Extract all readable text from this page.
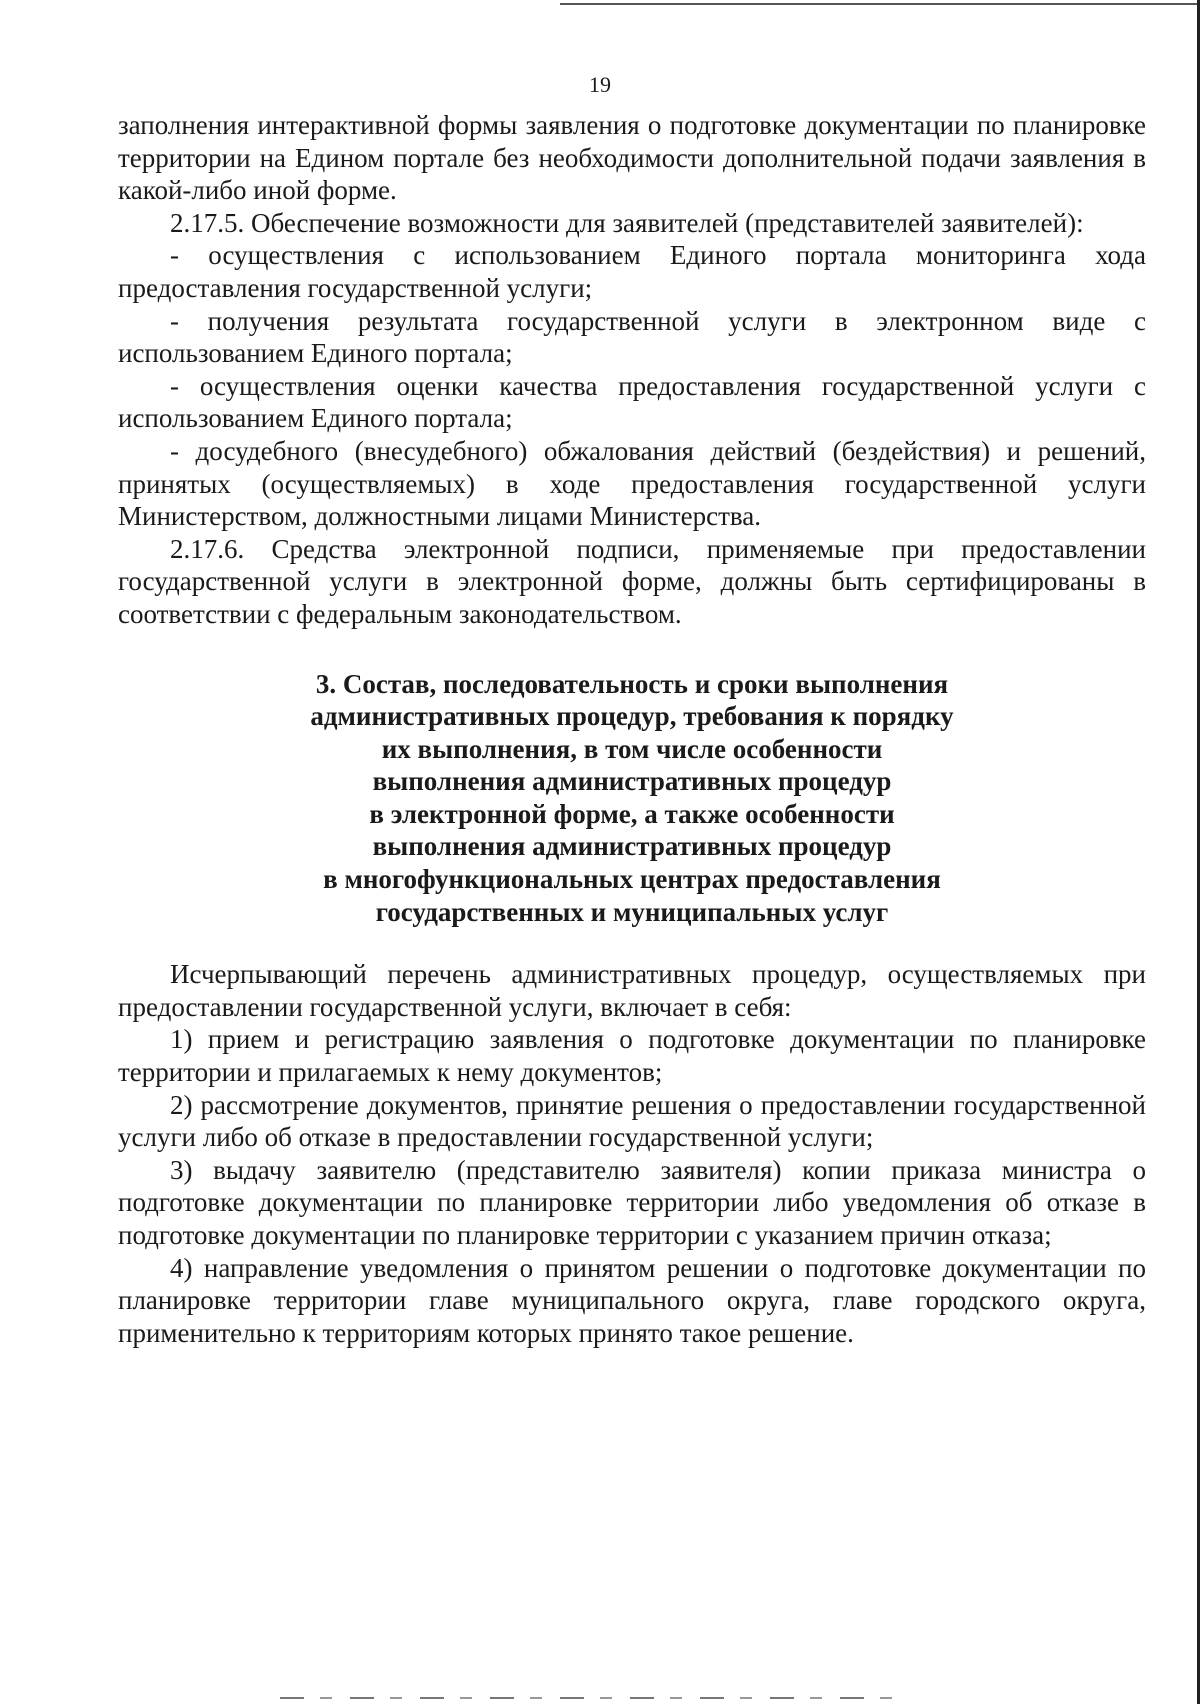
19

заполнения интерактивной формы заявления о подготовке документации по планировке территории на Едином портале без необходимости дополнительной подачи заявления в какой-либо иной форме.

2.17.5. Обеспечение возможности для заявителей (представителей заявителей):

- осуществления с использованием Единого портала мониторинга хода предоставления государственной услуги;

- получения результата государственной услуги в электронном виде с использованием Единого портала;

- осуществления оценки качества предоставления государственной услуги с использованием Единого портала;

- досудебного (внесудебного) обжалования действий (бездействия) и решений, принятых (осуществляемых) в ходе предоставления государственной услуги Министерством, должностными лицами Министерства.

2.17.6. Средства электронной подписи, применяемые при предоставлении государственной услуги в электронной форме, должны быть сертифицированы в соответствии с федеральным законодательством.

3. Состав, последовательность и сроки выполнения
административных процедур, требования к порядку
их выполнения, в том числе особенности
выполнения административных процедур
в электронной форме, а также особенности
выполнения административных процедур
в многофункциональных центрах предоставления
государственных и муниципальных услуг

Исчерпывающий перечень административных процедур, осуществляемых при предоставлении государственной услуги, включает в себя:

1) прием и регистрацию заявления о подготовке документации по планировке территории и прилагаемых к нему документов;

2) рассмотрение документов, принятие решения о предоставлении государственной услуги либо об отказе в предоставлении государственной услуги;

3) выдачу заявителю (представителю заявителя) копии приказа министра о подготовке документации по планировке территории либо уведомления об отказе в подготовке документации по планировке территории с указанием причин отказа;

4) направление уведомления о принятом решении о подготовке документации по планировке территории главе муниципального округа, главе городского округа, применительно к территориям которых принято такое решение.
